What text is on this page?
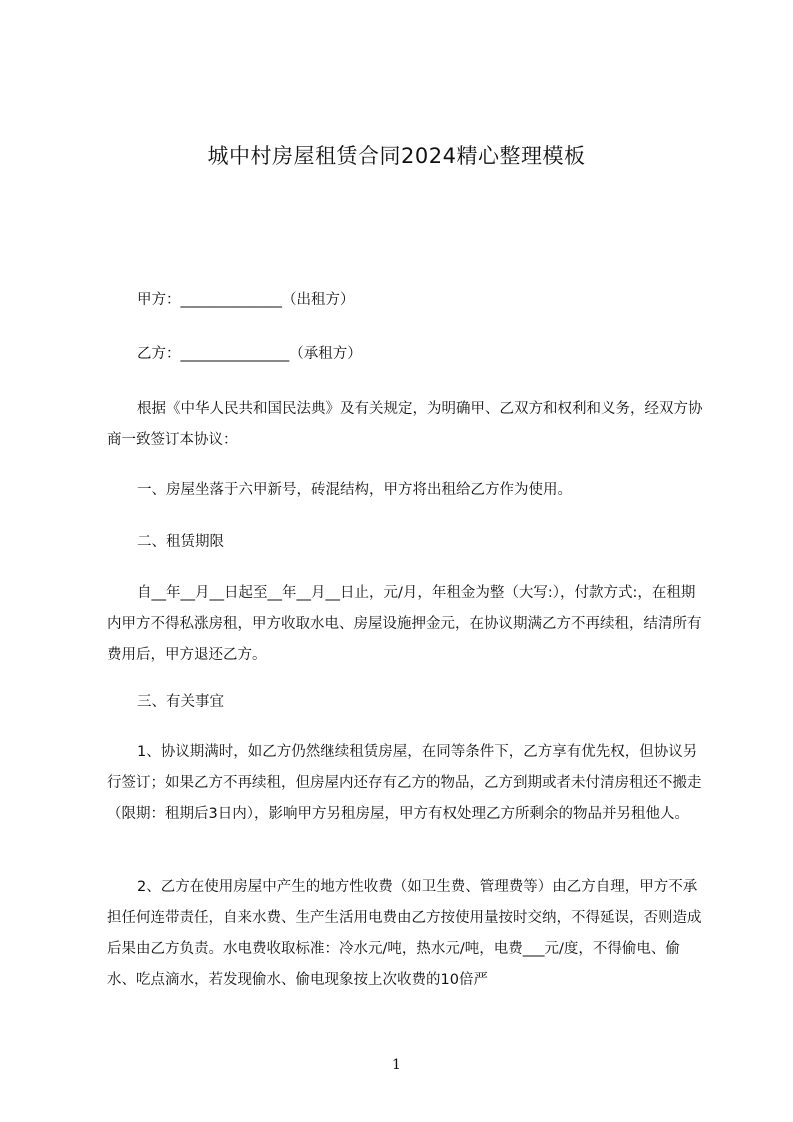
城中村房屋租赁合同2024精心整理模板
甲方：______________（出租方）
乙方：_______________（承租方）
根据《中华人民共和国民法典》及有关规定，为明确甲、乙双方和权利和义务，经双方协商一致签订本协议：
一、房屋坐落于六甲新号，砖混结构，甲方将出租给乙方作为使用。
二、租赁期限
自__年__月__日起至__年__月__日止，元/月，年租金为整（大写:），付款方式:，在租期内甲方不得私涨房租，甲方收取水电、房屋设施押金元，在协议期满乙方不再续租，结清所有费用后，甲方退还乙方。
三、有关事宜
1、协议期满时，如乙方仍然继续租赁房屋，在同等条件下，乙方享有优先权，但协议另行签订；如果乙方不再续租，但房屋内还存有乙方的物品，乙方到期或者未付清房租还不搬走（限期：租期后3日内），影响甲方另租房屋，甲方有权处理乙方所剩余的物品并另租他人。
2、乙方在使用房屋中产生的地方性收费（如卫生费、管理费等）由乙方自理，甲方不承担任何连带责任，自来水费、生产生活用电费由乙方按使用量按时交纳，不得延误，否则造成后果由乙方负责。水电费收取标准：冷水元/吨，热水元/吨，电费___元/度，不得偷电、偷水、吃点滴水，若发现偷水、偷电现象按上次收费的10倍严
1
